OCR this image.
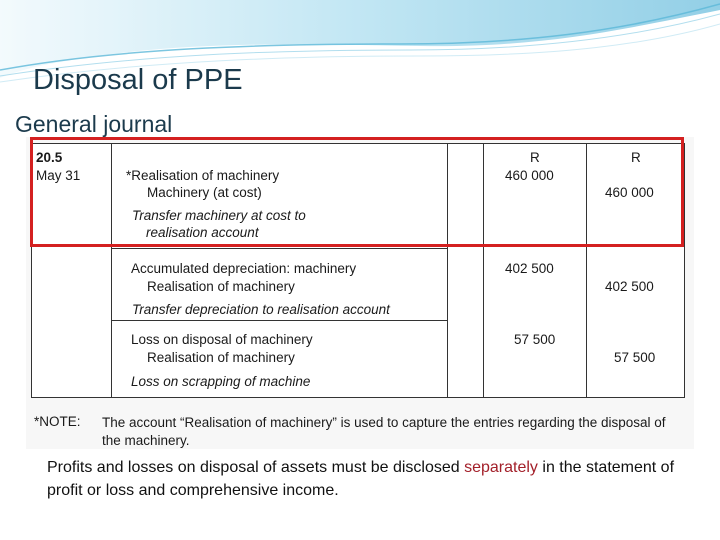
Disposal of PPE
General journal
20.5
May 31
R	R
*Realisation of machinery
Machinery (at cost)
Transfer machinery at cost to
realisation account
460 000
460 000
Accumulated depreciation: machinery
Realisation of machinery
Transfer depreciation to realisation account
402 500
402 500
Loss on disposal of machinery
Realisation of machinery
Loss on scrapping of machine
57 500
57 500
*NOTE: The account “Realisation of machinery” is used to capture the entries regarding the disposal of the machinery.
Profits and losses on disposal of assets must be disclosed separately in the statement of profit or loss and comprehensive income.
